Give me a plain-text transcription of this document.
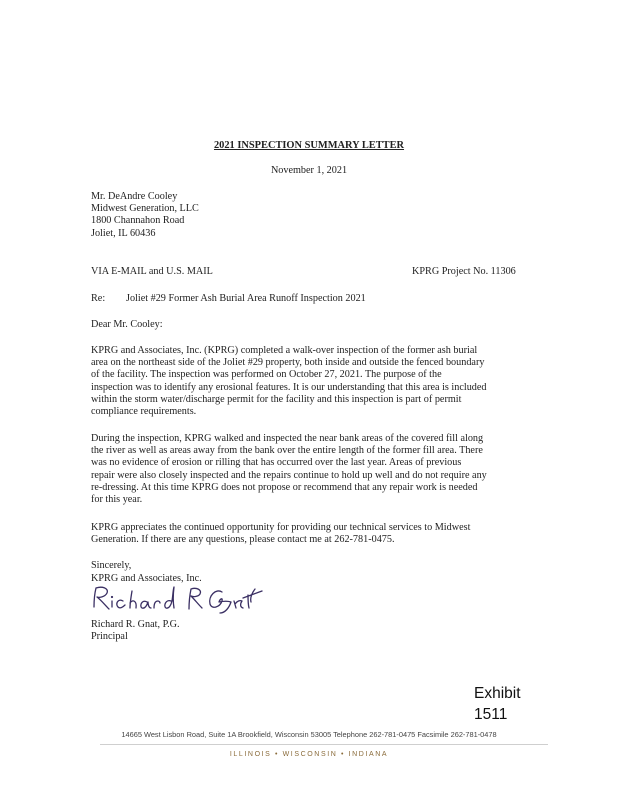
2021 INSPECTION SUMMARY LETTER
November 1, 2021
Mr. DeAndre Cooley
Midwest Generation, LLC
1800 Channahon Road
Joliet, IL 60436
VIA E-MAIL and U.S. MAIL	KPRG Project No. 11306
Re: Joliet #29 Former Ash Burial Area Runoff Inspection 2021
Dear Mr. Cooley:

KPRG and Associates, Inc. (KPRG) completed a walk-over inspection of the former ash burial

area on the northeast side of the Joliet #29 property, both inside and outside the fenced boundary

of the facility. The inspection was performed on October 27, 2021. The purpose of the

inspection was to identify any erosional features. It is our understanding that this area is included

within the storm water/discharge permit for the facility and this inspection is part of permit

compliance requirements.

During the inspection, KPRG walked and inspected the near bank areas of the covered fill along

the river as well as areas away from the bank over the entire length of the former fill area. There

was no evidence of erosion or rilling that has occurred over the last year. Areas of previous

repair were also closely inspected and the repairs continue to hold up well and do not require any

re-dressing. At this time KPRG does not propose or recommend that any repair work is needed

for this year.

KPRG appreciates the continued opportunity for providing our technical services to Midwest

Generation. If there are any questions, please contact me at 262-781-0475.

Sincerely,
KPRG and Associates, Inc.
Richard R. Gnat, P.G.
Principal
Exhibit
1511
14665 West Lisbon Road, Suite 1A Brookfield, Wisconsin 53005 Telephone 262-781-0475 Facsimile 262-781-0478
ILLINOIS • WISCONSIN • INDIANA
